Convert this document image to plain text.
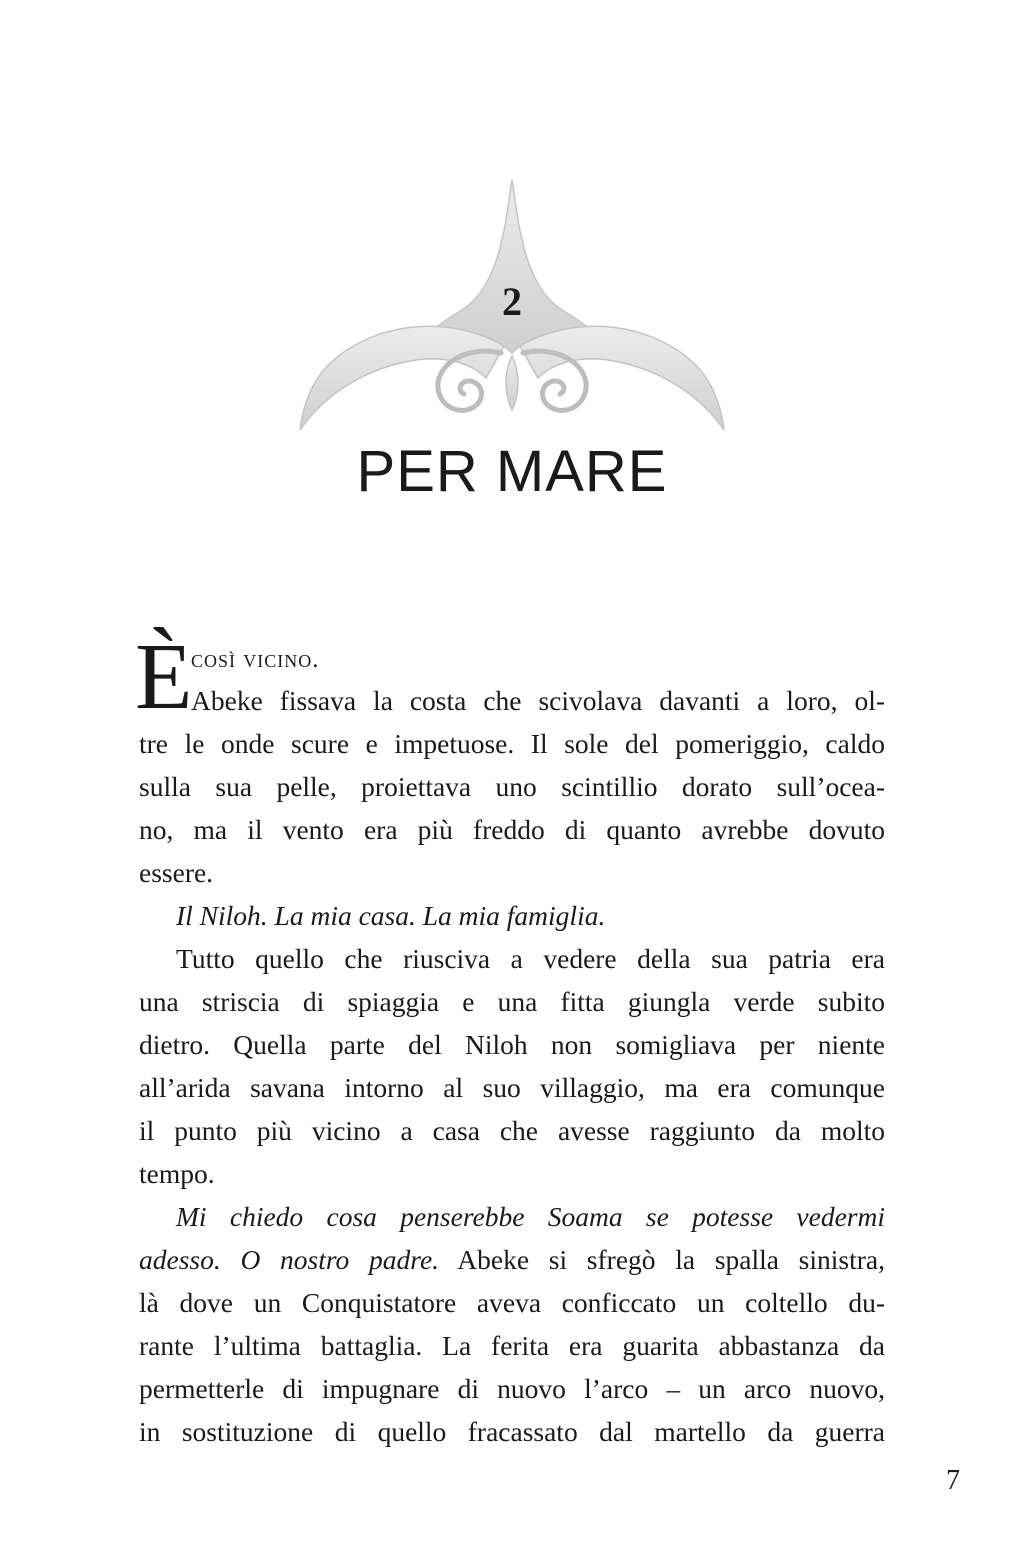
2
PER MARE
È
così vicino.
Abeke fissava la costa che scivolava davanti a loro, ol-
tre le onde scure e impetuose. Il sole del pomeriggio, caldo
sulla sua pelle, proiettava uno scintillio dorato sull’ocea-
no, ma il vento era più freddo di quanto avrebbe dovuto
essere.
Il Niloh. La mia casa. La mia famiglia.
Tutto quello che riusciva a vedere della sua patria era
una striscia di spiaggia e una fitta giungla verde subito
dietro. Quella parte del Niloh non somigliava per niente
all’arida savana intorno al suo villaggio, ma era comunque
il punto più vicino a casa che avesse raggiunto da molto
tempo.
Mi chiedo cosa penserebbe Soama se potesse vedermi
adesso. O nostro padre. Abeke si sfregò la spalla sinistra,
là dove un Conquistatore aveva conficcato un coltello du-
rante l’ultima battaglia. La ferita era guarita abbastanza da
permetterle di impugnare di nuovo l’arco – un arco nuovo,
in sostituzione di quello fracassato dal martello da guerra
7
